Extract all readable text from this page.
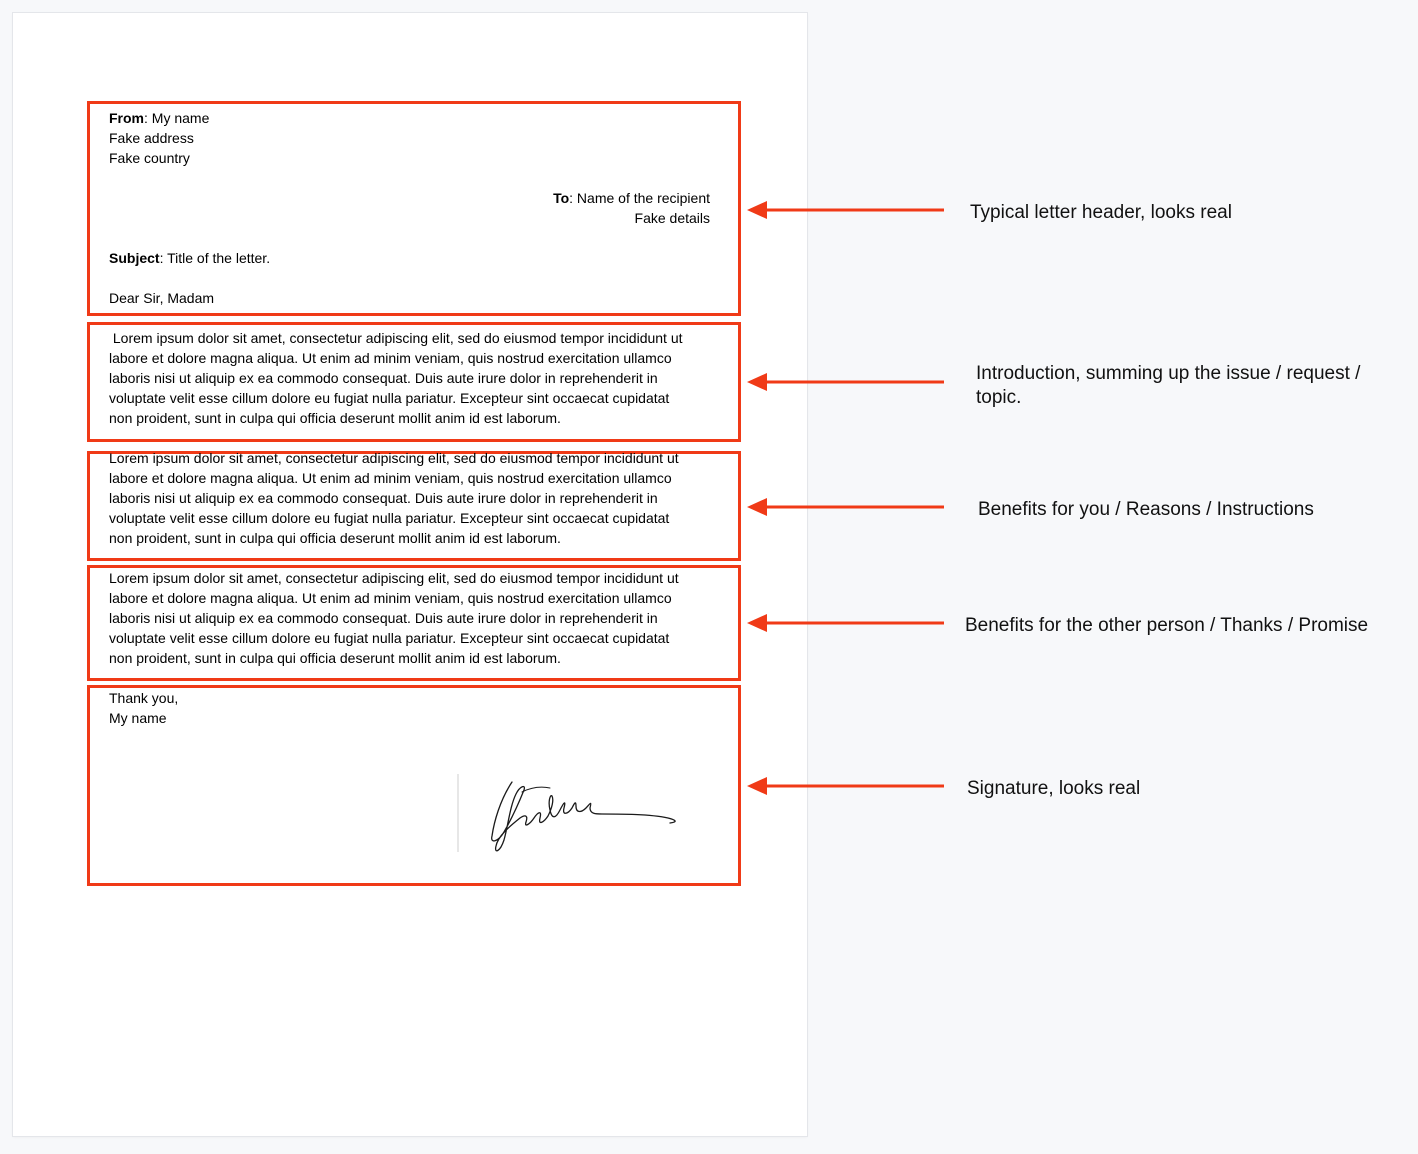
From: My name
Fake address
Fake country
To: Name of the recipient
Fake details
Subject: Title of the letter.
Dear Sir, Madam
Lorem ipsum dolor sit amet, consectetur adipiscing elit, sed do eiusmod tempor incididunt ut
labore et dolore magna aliqua. Ut enim ad minim veniam, quis nostrud exercitation ullamco
laboris nisi ut aliquip ex ea commodo consequat. Duis aute irure dolor in reprehenderit in
voluptate velit esse cillum dolore eu fugiat nulla pariatur. Excepteur sint occaecat cupidatat
non proident, sunt in culpa qui officia deserunt mollit anim id est laborum.
Lorem ipsum dolor sit amet, consectetur adipiscing elit, sed do eiusmod tempor incididunt ut
labore et dolore magna aliqua. Ut enim ad minim veniam, quis nostrud exercitation ullamco
laboris nisi ut aliquip ex ea commodo consequat. Duis aute irure dolor in reprehenderit in
voluptate velit esse cillum dolore eu fugiat nulla pariatur. Excepteur sint occaecat cupidatat
non proident, sunt in culpa qui officia deserunt mollit anim id est laborum.
Lorem ipsum dolor sit amet, consectetur adipiscing elit, sed do eiusmod tempor incididunt ut
labore et dolore magna aliqua. Ut enim ad minim veniam, quis nostrud exercitation ullamco
laboris nisi ut aliquip ex ea commodo consequat. Duis aute irure dolor in reprehenderit in
voluptate velit esse cillum dolore eu fugiat nulla pariatur. Excepteur sint occaecat cupidatat
non proident, sunt in culpa qui officia deserunt mollit anim id est laborum.
Thank you,
My name
Typical letter header, looks real
Introduction, summing up the issue / request /
topic.
Benefits for you / Reasons / Instructions
Benefits for the other person / Thanks / Promise
Signature, looks real
